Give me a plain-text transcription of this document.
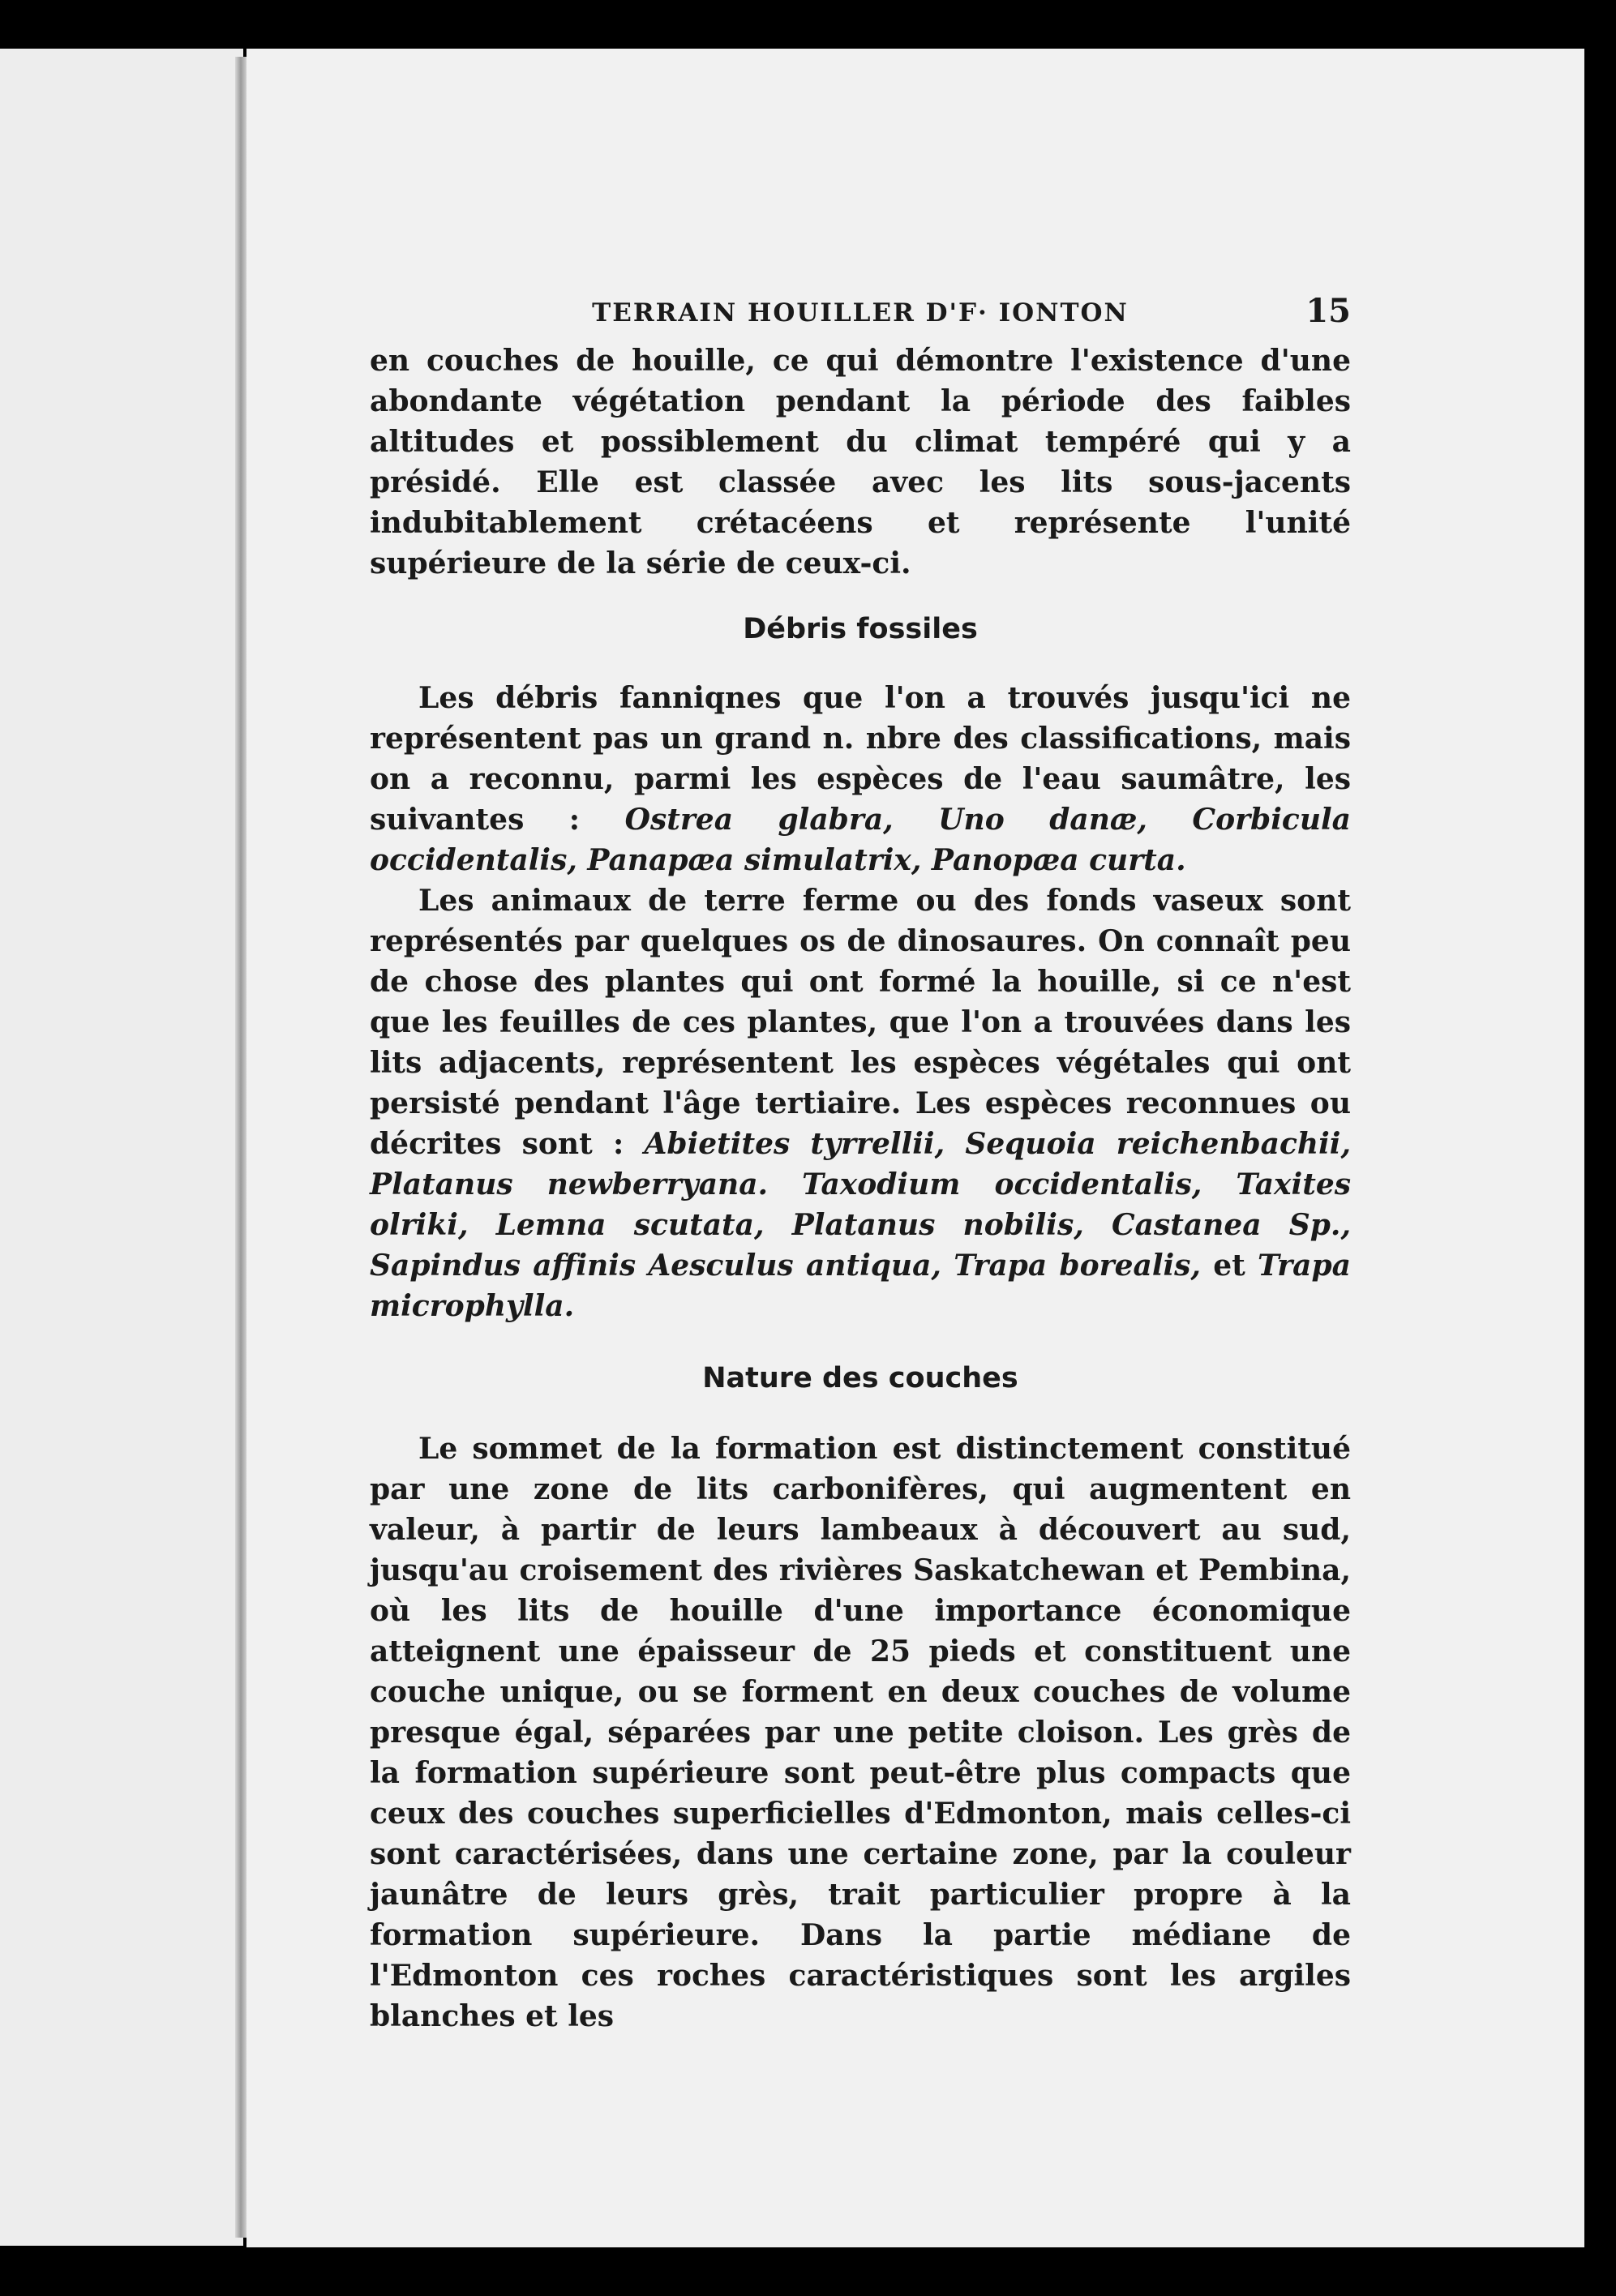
TERRAIN HOUILLER D'F· IONTON	15

en couches de houille, ce qui démontre l'existence d'une abondante végétation pendant la période des faibles altitudes et possiblement du climat tempéré qui y a présidé. Elle est classée avec les lits sous-jacents indubitablement crétacéens et représente l'unité supérieure de la série de ceux-ci.

Débris fossiles

Les débris fanniqnes que l'on a trouvés jusqu'ici ne représentent pas un grand n. nbre des classifications, mais on a reconnu, parmi les espèces de l'eau saumâtre, les suivantes : Ostrea glabra, Uno danæ, Corbicula occidentalis, Panapæa simulatrix, Panopæa curta.

Les animaux de terre ferme ou des fonds vaseux sont représentés par quelques os de dinosaures. On connaît peu de chose des plantes qui ont formé la houille, si ce n'est que les feuilles de ces plantes, que l'on a trouvées dans les lits adjacents, représentent les espèces végétales qui ont persisté pendant l'âge tertiaire. Les espèces reconnues ou décrites sont : Abietites tyrrellii, Sequoia reichenbachii, Platanus newberryana. Taxodium occidentalis, Taxites olriki, Lemna scutata, Platanus nobilis, Castanea Sp., Sapindus affinis Aesculus antiqua, Trapa borealis, et Trapa microphylla.

Nature des couches

Le sommet de la formation est distinctement constitué par une zone de lits carbonifères, qui augmentent en valeur, à partir de leurs lambeaux à découvert au sud, jusqu'au croisement des rivières Saskatchewan et Pembina, où les lits de houille d'une importance économique atteignent une épaisseur de 25 pieds et constituent une couche unique, ou se forment en deux couches de volume presque égal, séparées par une petite cloison. Les grès de la formation supérieure sont peut-être plus compacts que ceux des couches superficielles d'Edmonton, mais celles-ci sont caractérisées, dans une certaine zone, par la couleur jaunâtre de leurs grès, trait particulier propre à la formation supérieure. Dans la partie médiane de l'Edmonton ces roches caractéristiques sont les argiles blanches et les
